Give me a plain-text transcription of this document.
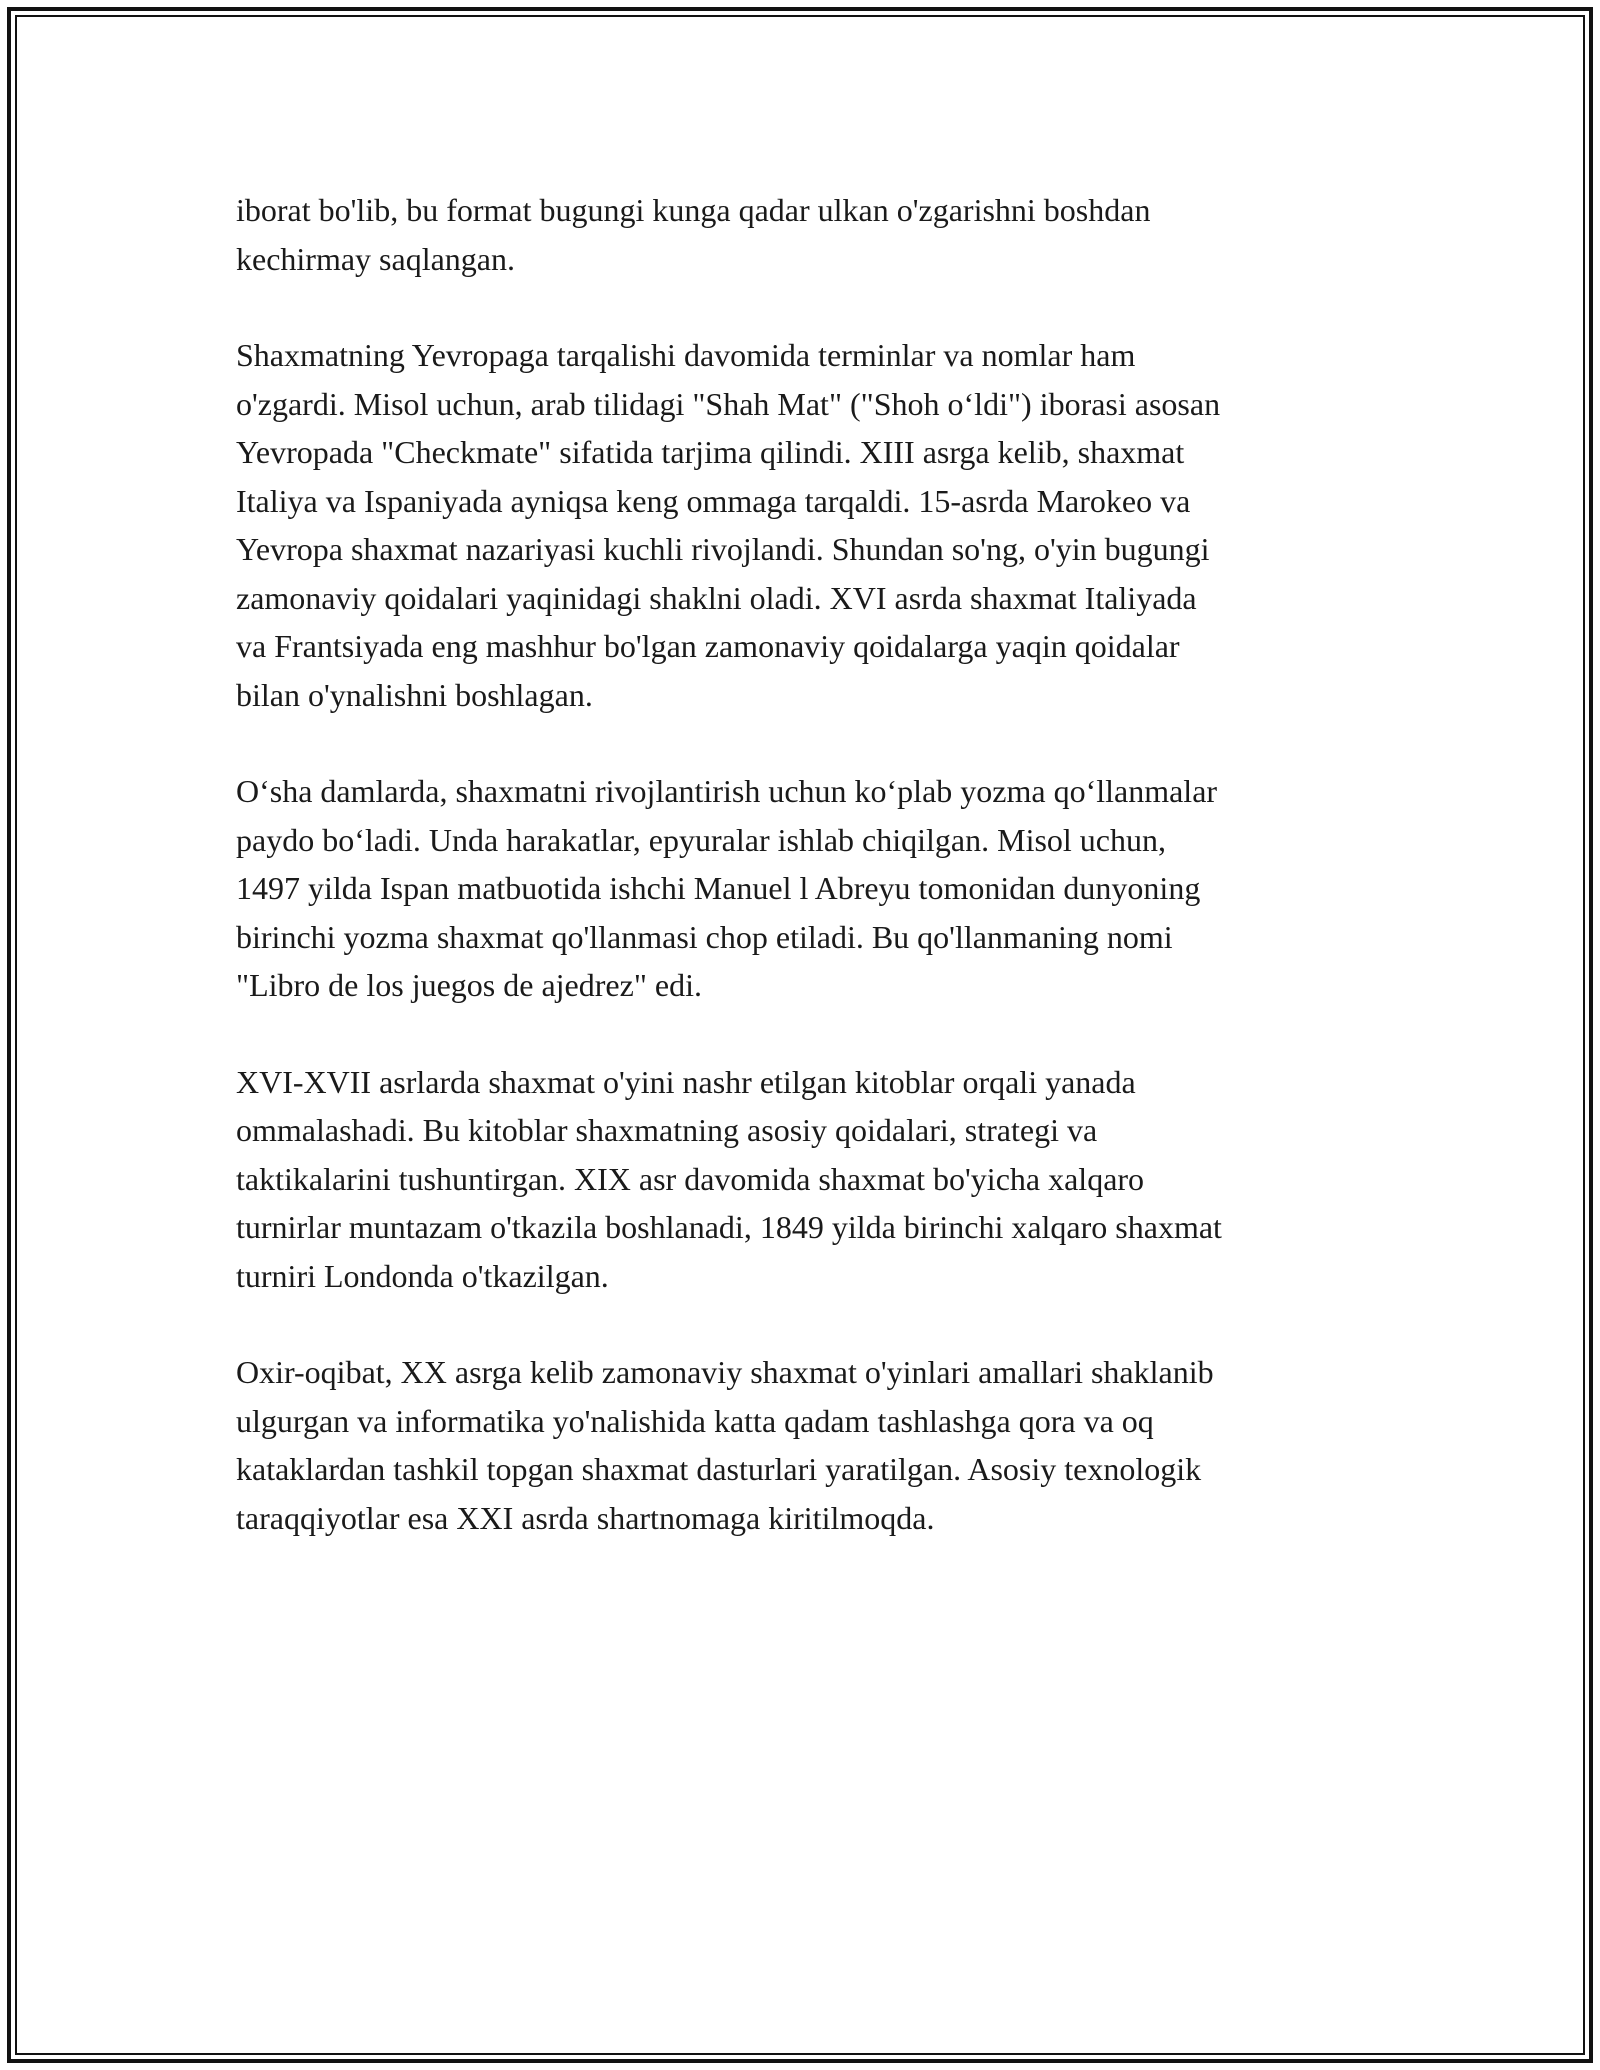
iborat bo'lib, bu format bugungi kunga qadar ulkan o'zgarishni boshdan
kechirmay saqlangan.

Shaxmatning Yevropaga tarqalishi davomida terminlar va nomlar ham
o'zgardi. Misol uchun, arab tilidagi "Shah Mat" ("Shoh o‘ldi") iborasi asosan
Yevropada "Checkmate" sifatida tarjima qilindi. XIII asrga kelib, shaxmat
Italiya va Ispaniyada ayniqsa keng ommaga tarqaldi. 15-asrda Marokeo va
Yevropa shaxmat nazariyasi kuchli rivojlandi. Shundan so'ng, o'yin bugungi
zamonaviy qoidalari yaqinidagi shaklni oladi. XVI asrda shaxmat Italiyada
va Frantsiyada eng mashhur bo'lgan zamonaviy qoidalarga yaqin qoidalar
bilan o'ynalishni boshlagan.

O‘sha damlarda, shaxmatni rivojlantirish uchun ko‘plab yozma qo‘llanmalar
paydo bo‘ladi. Unda harakatlar, epyuralar ishlab chiqilgan. Misol uchun,
1497 yilda Ispan matbuotida ishchi Manuel l Abreyu tomonidan dunyoning
birinchi yozma shaxmat qo'llanmasi chop etiladi. Bu qo'llanmaning nomi
"Libro de los juegos de ajedrez" edi.

XVI-XVII asrlarda shaxmat o'yini nashr etilgan kitoblar orqali yanada
ommalashadi. Bu kitoblar shaxmatning asosiy qoidalari, strategi va
taktikalarini tushuntirgan. XIX asr davomida shaxmat bo'yicha xalqaro
turnirlar muntazam o'tkazila boshlanadi, 1849 yilda birinchi xalqaro shaxmat
turniri Londonda o'tkazilgan.

Oxir-oqibat, XX asrga kelib zamonaviy shaxmat o'yinlari amallari shaklanib
ulgurgan va informatika yo'nalishida katta qadam tashlashga qora va oq
kataklardan tashkil topgan shaxmat dasturlari yaratilgan. Asosiy texnologik
taraqqiyotlar esa XXI asrda shartnomaga kiritilmoqda.
